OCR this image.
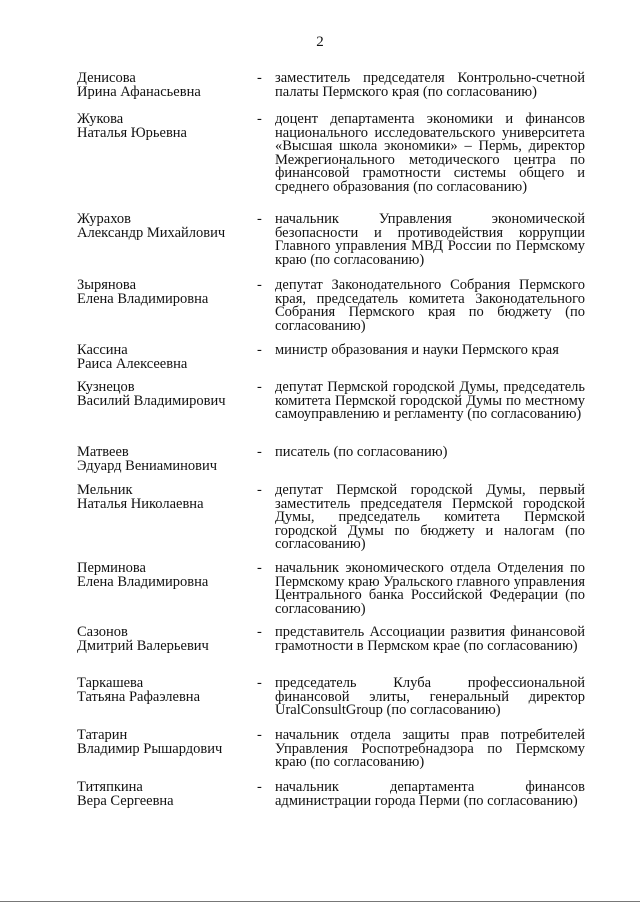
2
Денисова
Ирина Афанасьевна
- заместитель председателя Контрольно-счетной палаты Пермского края (по согласованию)
Жукова
Наталья Юрьевна
- доцент департамента экономики и финансов национального исследовательского университета «Высшая школа экономики» – Пермь, директор Межрегионального методического центра по финансовой грамотности системы общего и среднего образования (по согласованию)
Журахов
Александр Михайлович
- начальник Управления экономической безопасности и противодействия коррупции Главного управления МВД России по Пермскому краю (по согласованию)
Зырянова
Елена Владимировна
- депутат Законодательного Собрания Пермского края, председатель комитета Законодательного Собрания Пермского края по бюджету (по согласованию)
Кассина
Раиса Алексеевна
- министр образования и науки Пермского края
Кузнецов
Василий Владимирович
- депутат Пермской городской Думы, председатель комитета Пермской городской Думы по местному самоуправлению и регламенту (по согласованию)
Матвеев
Эдуард Вениаминович
- писатель (по согласованию)
Мельник
Наталья Николаевна
- депутат Пермской городской Думы, первый заместитель председателя Пермской городской Думы, председатель комитета Пермской городской Думы по бюджету и налогам (по согласованию)
Перминова
Елена Владимировна
- начальник экономического отдела Отделения по Пермскому краю Уральского главного управления Центрального банка Российской Федерации (по согласованию)
Сазонов
Дмитрий Валерьевич
- представитель Ассоциации развития финансовой грамотности в Пермском крае (по согласованию)
Таркашева
Татьяна Рафаэлевна
- председатель Клуба профессиональной финансовой элиты, генеральный директор UralConsultGroup (по согласованию)
Татарин
Владимир Рышардович
- начальник отдела защиты прав потребителей Управления Роспотребнадзора по Пермскому краю (по согласованию)
Титяпкина
Вера Сергеевна
- начальник департамента финансов администрации города Перми (по согласованию)
